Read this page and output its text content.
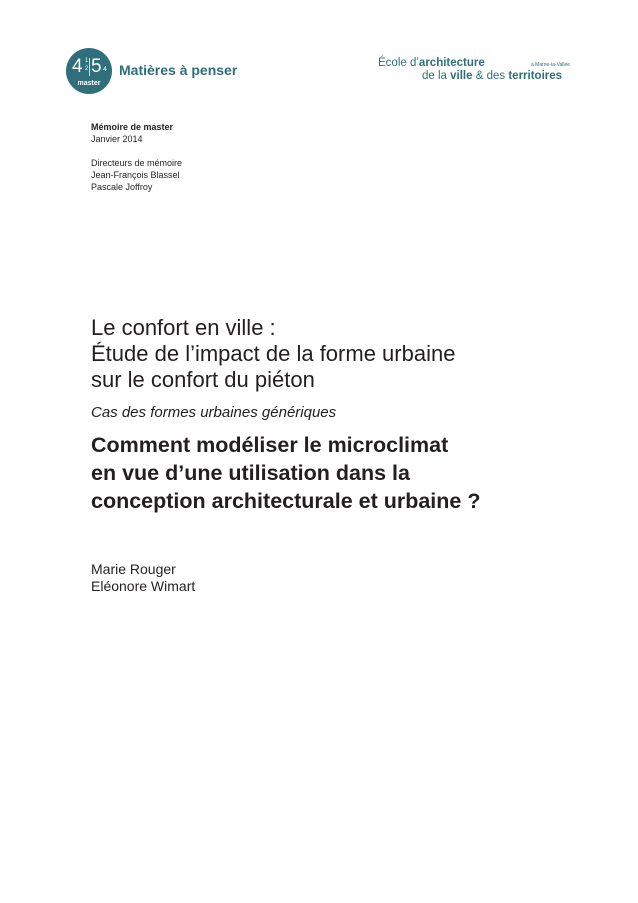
4 1
2 5 4
master
Matières à penser	École d’architecture
de la ville & des territoires
à Marne-la-Vallée
Mémoire de master
Janvier 2014
Directeurs de mémoire
Jean-François Blassel
Pascale Joffroy
Le confort en ville :
Étude de l’impact de la forme urbaine
sur le confort du piéton
Cas des formes urbaines génériques
Comment modéliser le microclimat
en vue d’une utilisation dans la
conception architecturale et urbaine ?
Marie Rouger
Eléonore Wimart
